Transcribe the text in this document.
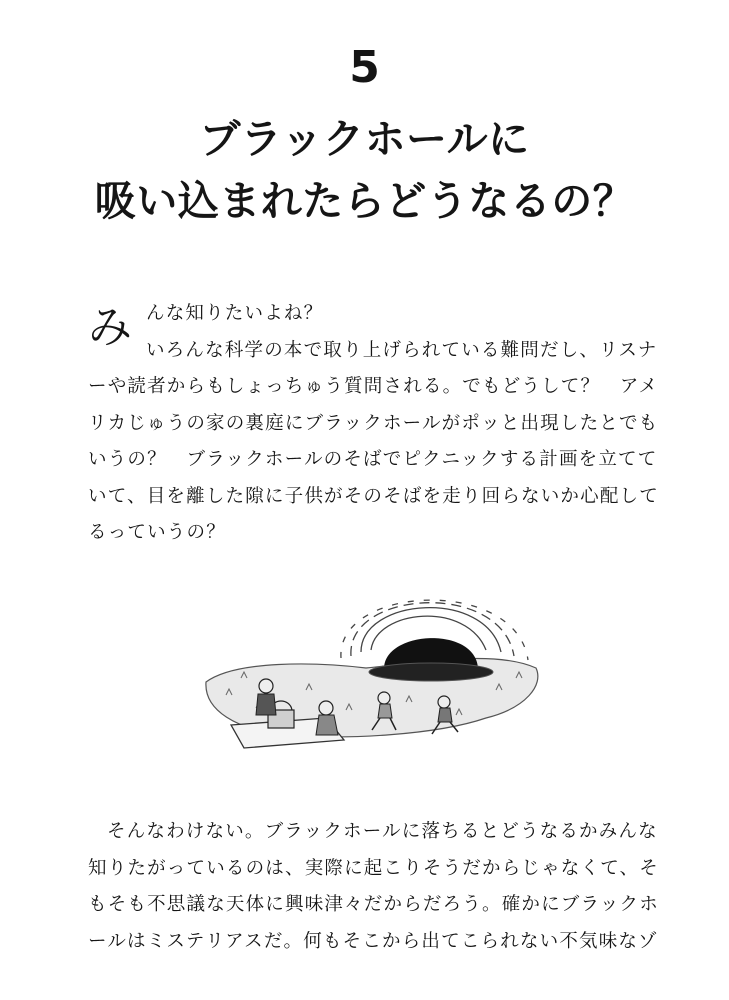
5
ブラックホールに
吸い込まれたらどうなるの？
み んな知りたいよね？
いろんな科学の本で取り上げられている難問だし、リスナ
ーや読者からもしょっちゅう質問される。でもどうして？　アメ
リカじゅうの家の裏庭にブラックホールがポッと出現したとでも
いうの？　ブラックホールのそばでピクニックする計画を立てて
いて、目を離した隙に子供がそのそばを走り回らないか心配して
るっていうの？
そんなわけない。ブラックホールに落ちるとどうなるかみんな
知りたがっているのは、実際に起こりそうだからじゃなくて、そ
もそも不思議な天体に興味津々だからだろう。確かにブラックホ
ールはミステリアスだ。何もそこから出てこられない不気味なゾ
